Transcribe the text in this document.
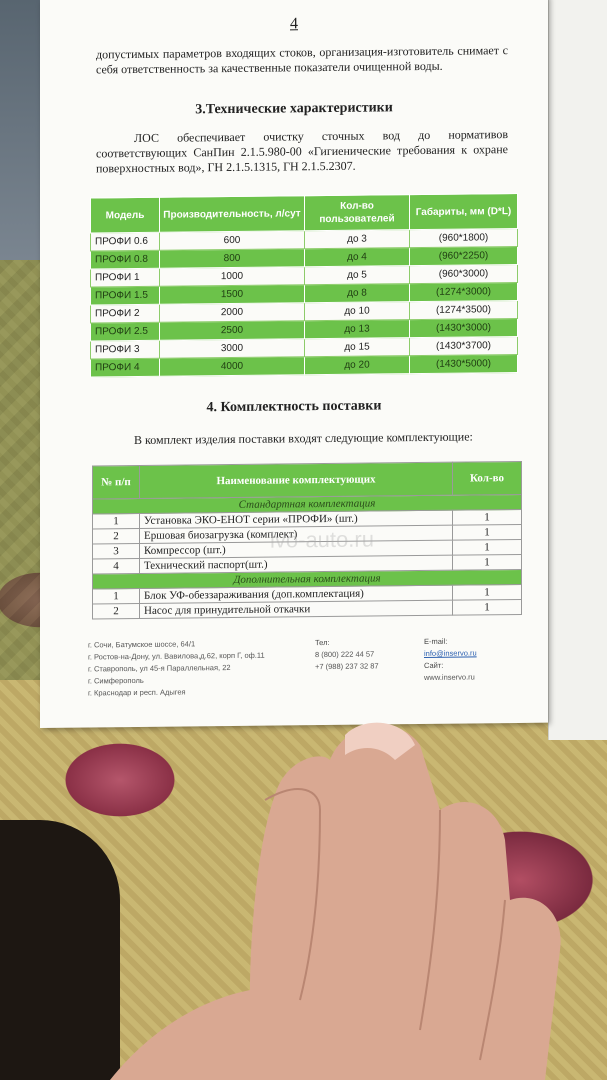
4
допустимых параметров входящих стоков, организация-изготовитель снимает с себя ответственность за качественные показатели очищенной воды.
3.Технические характеристики
ЛОС обеспечивает очистку сточных вод до нормативов соответствующих СанПин 2.1.5.980-00 «Гигиенические требования к охране поверхностных вод», ГН 2.1.5.1315, ГН 2.1.5.2307.
Модель	Производительность, л/сут	Кол-во пользователей	Габариты, мм (D*L)
ПРОФИ 0.6	600	до 3	(960*1800)
ПРОФИ 0.8	800	до 4	(960*2250)
ПРОФИ 1	1000	до 5	(960*3000)
ПРОФИ 1.5	1500	до 8	(1274*3000)
ПРОФИ 2	2000	до 10	(1274*3500)
ПРОФИ 2.5	2500	до 13	(1430*3000)
ПРОФИ 3	3000	до 15	(1430*3700)
ПРОФИ 4	4000	до 20	(1430*5000)
4. Комплектность поставки
В комплект изделия поставки входят следующие комплектующие:
№ п/п	Наименование комплектующих	Кол-во
Стандартная комплектация		
1	Установка ЭКО-ЕНОТ серии «ПРОФИ» (шт.)	1
2	Ершовая биозагрузка (комплект)	1
3	Компрессор (шт.)	1
4	Технический паспорт(шт.)	1
Дополнительная комплектация		
1	Блок УФ-обеззараживания (доп.комплектация)	1
2	Насос для принудительной откачки	1
ivo-auto.ru
г. Сочи, Батумское шоссе, 64/1
г. Ростов-на-Дону, ул. Вавилова,д.62, корп Г, оф.11
г. Ставрополь, ул 45-я Параллельная, 22
г. Симферополь
г. Краснодар и респ. Адыгея
Тел:
8 (800) 222 44 57
+7 (988) 237 32 87
E-mail:
info@inservo.ru
Сайт:
www.inservo.ru
